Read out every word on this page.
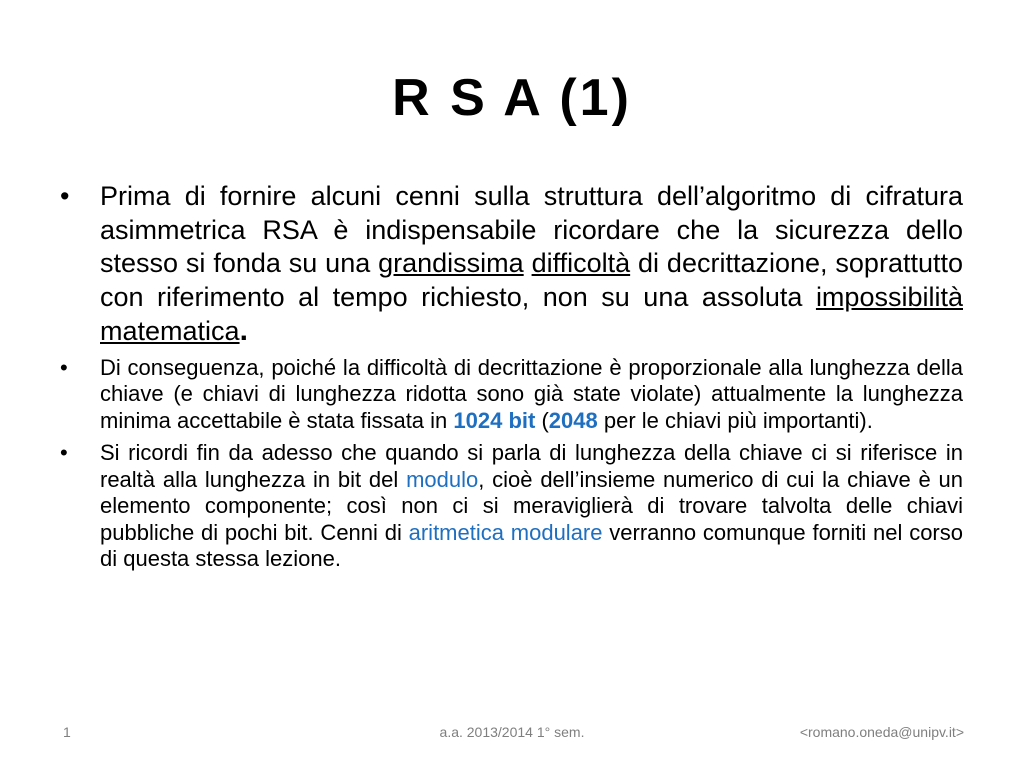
R S A (1)
• Prima di fornire alcuni cenni sulla struttura dell’algoritmo di cifratura asimmetrica RSA è indispensabile ricordare che la sicurezza dello stesso si fonda su una grandissima difficoltà di decrittazione, soprattutto con riferimento al tempo richiesto, non su una assoluta impossibilità matematica.
• Di conseguenza, poiché la difficoltà di decrittazione è proporzionale alla lunghezza della chiave (e chiavi di lunghezza ridotta sono già state violate) attualmente la lunghezza minima accettabile è stata fissata in 1024 bit (2048 per le chiavi più importanti).
• Si ricordi fin da adesso che quando si parla di lunghezza della chiave ci si riferisce in realtà alla lunghezza in bit del modulo, cioè dell’insieme numerico di cui la chiave è un elemento componente; così non ci si meraviglierà di trovare talvolta delle chiavi pubbliche di pochi bit. Cenni di aritmetica modulare verranno comunque forniti nel corso di questa stessa lezione.
1	a.a. 2013/2014 1° sem.	<romano.oneda@unipv.it>
